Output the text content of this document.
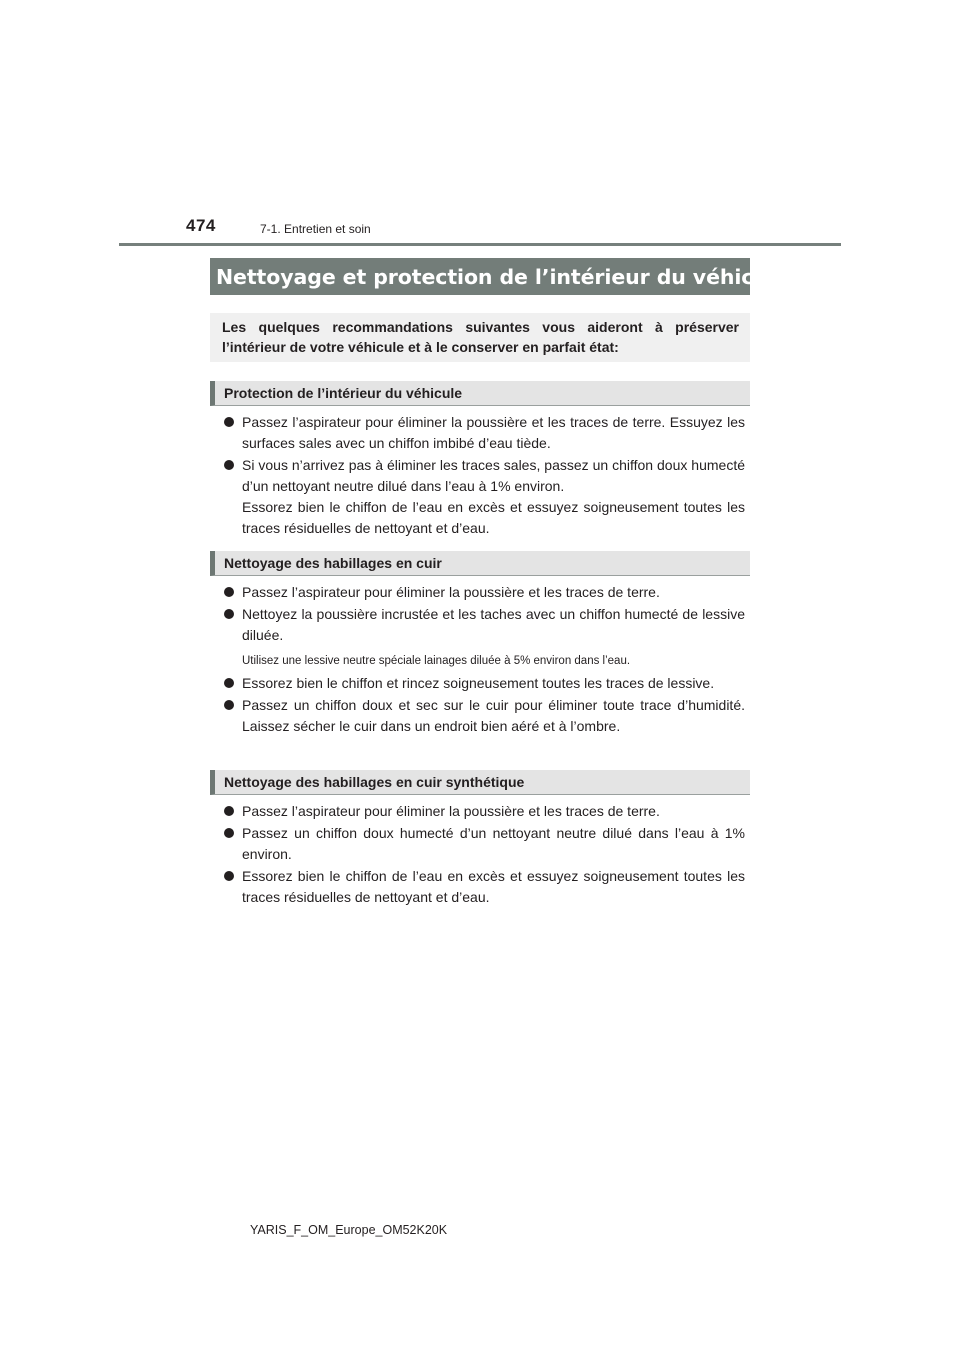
474	7-1. Entretien et soin
Nettoyage et protection de l’intérieur du véhicule
Les quelques recommandations suivantes vous aideront à préserver l’intérieur de votre véhicule et à le conserver en parfait état:
Protection de l’intérieur du véhicule
Passez l’aspirateur pour éliminer la poussière et les traces de terre. Essuyez les surfaces sales avec un chiffon imbibé d’eau tiède.
Si vous n’arrivez pas à éliminer les traces sales, passez un chiffon doux humecté d’un nettoyant neutre dilué dans l’eau à 1% environ.
Essorez bien le chiffon de l’eau en excès et essuyez soigneusement toutes les traces résiduelles de nettoyant et d’eau.
Nettoyage des habillages en cuir
Passez l’aspirateur pour éliminer la poussière et les traces de terre.
Nettoyez la poussière incrustée et les taches avec un chiffon humecté de lessive diluée.
Utilisez une lessive neutre spéciale lainages diluée à 5% environ dans l’eau.
Essorez bien le chiffon et rincez soigneusement toutes les traces de lessive.
Passez un chiffon doux et sec sur le cuir pour éliminer toute trace d’humidité. Laissez sécher le cuir dans un endroit bien aéré et à l’ombre.
Nettoyage des habillages en cuir synthétique
Passez l’aspirateur pour éliminer la poussière et les traces de terre.
Passez un chiffon doux humecté d’un nettoyant neutre dilué dans l’eau à 1% environ.
Essorez bien le chiffon de l’eau en excès et essuyez soigneusement toutes les traces résiduelles de nettoyant et d’eau.
YARIS_F_OM_Europe_OM52K20K
